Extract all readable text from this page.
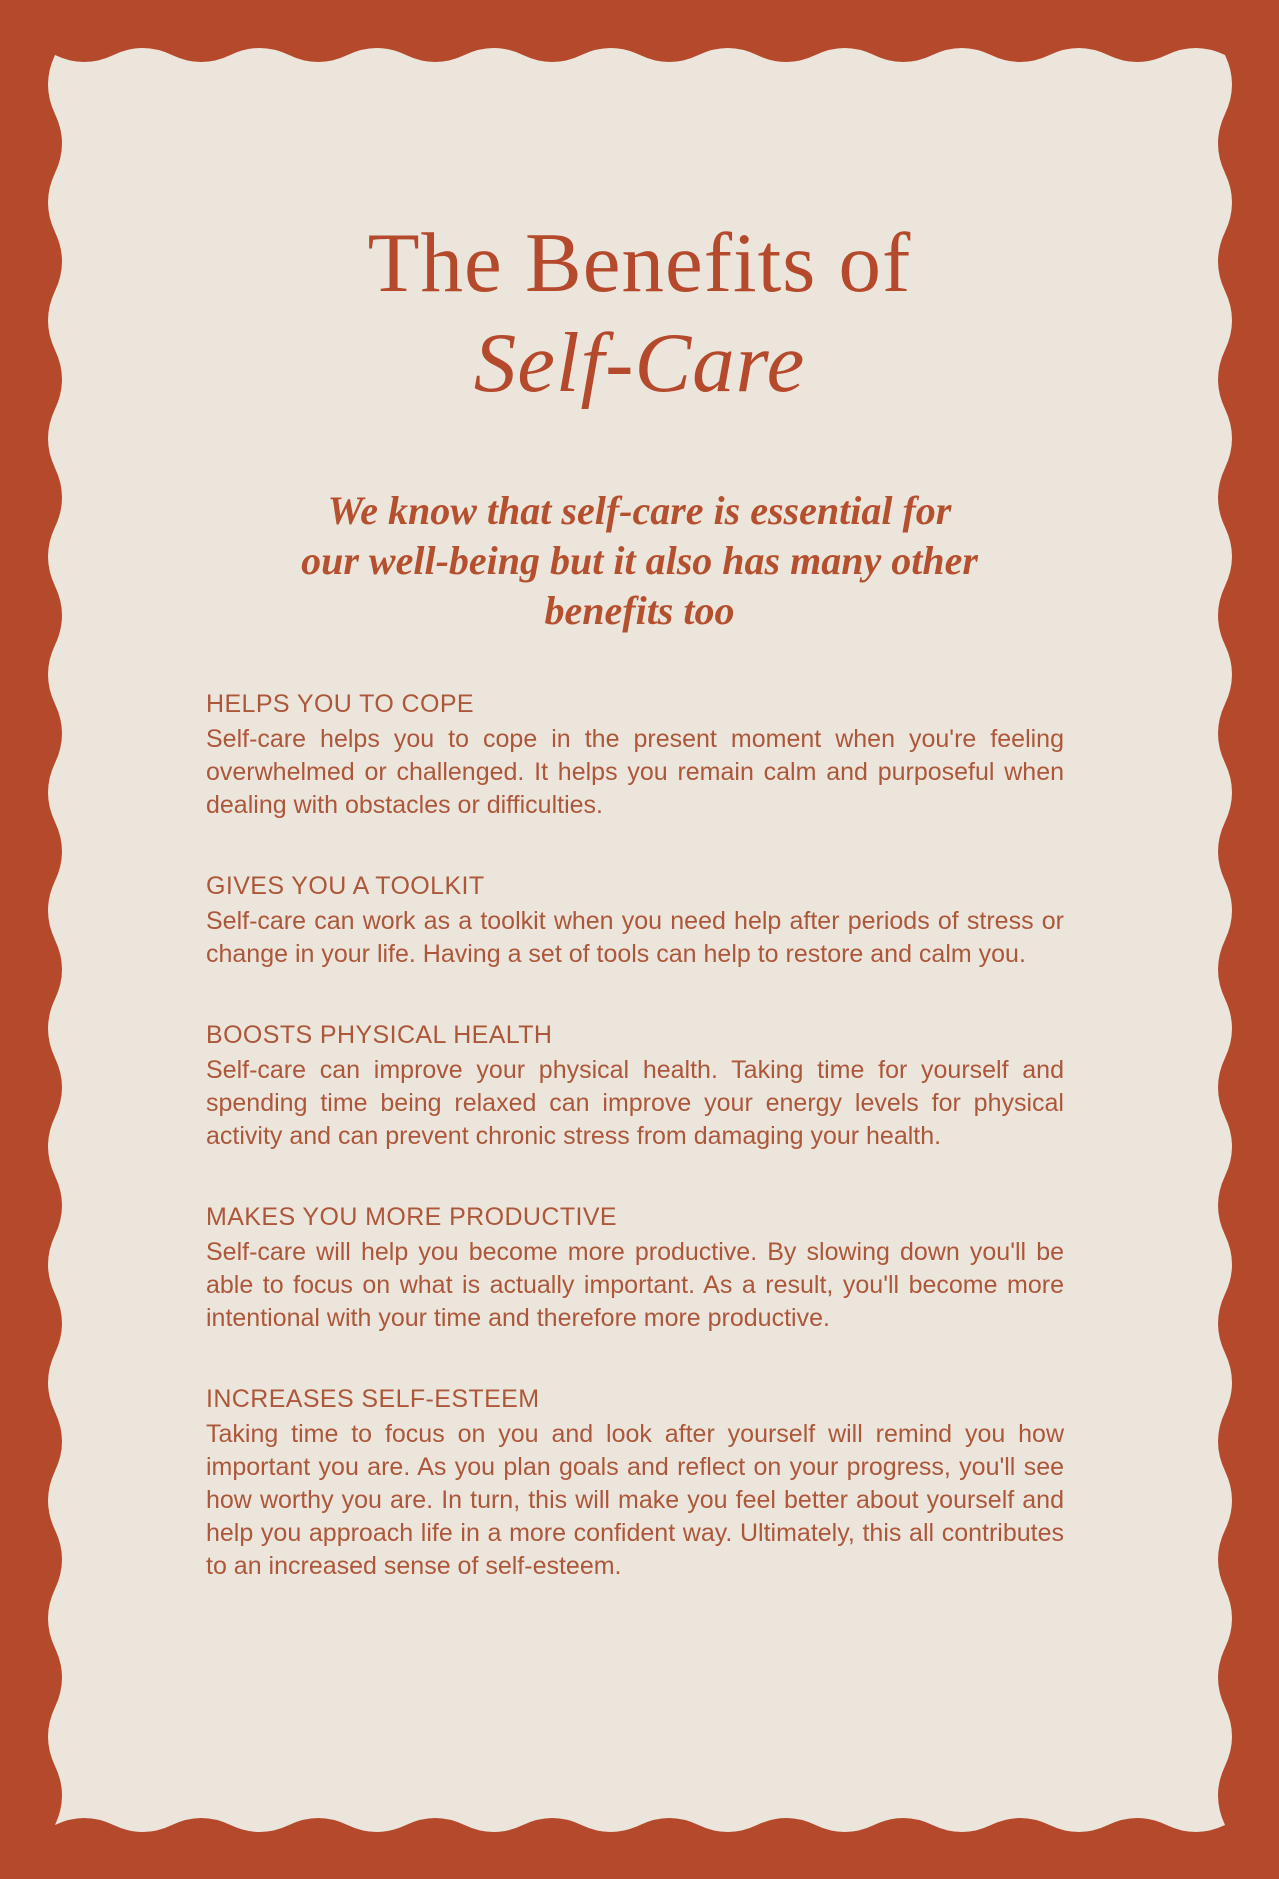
The Benefits of
Self-Care
We know that self-care is essential for
our well-being but it also has many other
benefits too
HELPS YOU TO COPE

Self-care helps you to cope in the present moment when you're feeling overwhelmed or challenged. It helps you remain calm and purposeful when dealing with obstacles or difficulties.

GIVES YOU A TOOLKIT

Self-care can work as a toolkit when you need help after periods of stress or change in your life. Having a set of tools can help to restore and calm you.

BOOSTS PHYSICAL HEALTH

Self-care can improve your physical health. Taking time for yourself and spending time being relaxed can improve your energy levels for physical activity and can prevent chronic stress from damaging your health.

MAKES YOU MORE PRODUCTIVE

Self-care will help you become more productive. By slowing down you'll be able to focus on what is actually important. As a result, you'll become more intentional with your time and therefore more productive.

INCREASES SELF-ESTEEM

Taking time to focus on you and look after yourself will remind you how important you are. As you plan goals and reflect on your progress, you'll see how worthy you are. In turn, this will make you feel better about yourself and help you approach life in a more confident way. Ultimately, this all contributes to an increased sense of self-esteem.
